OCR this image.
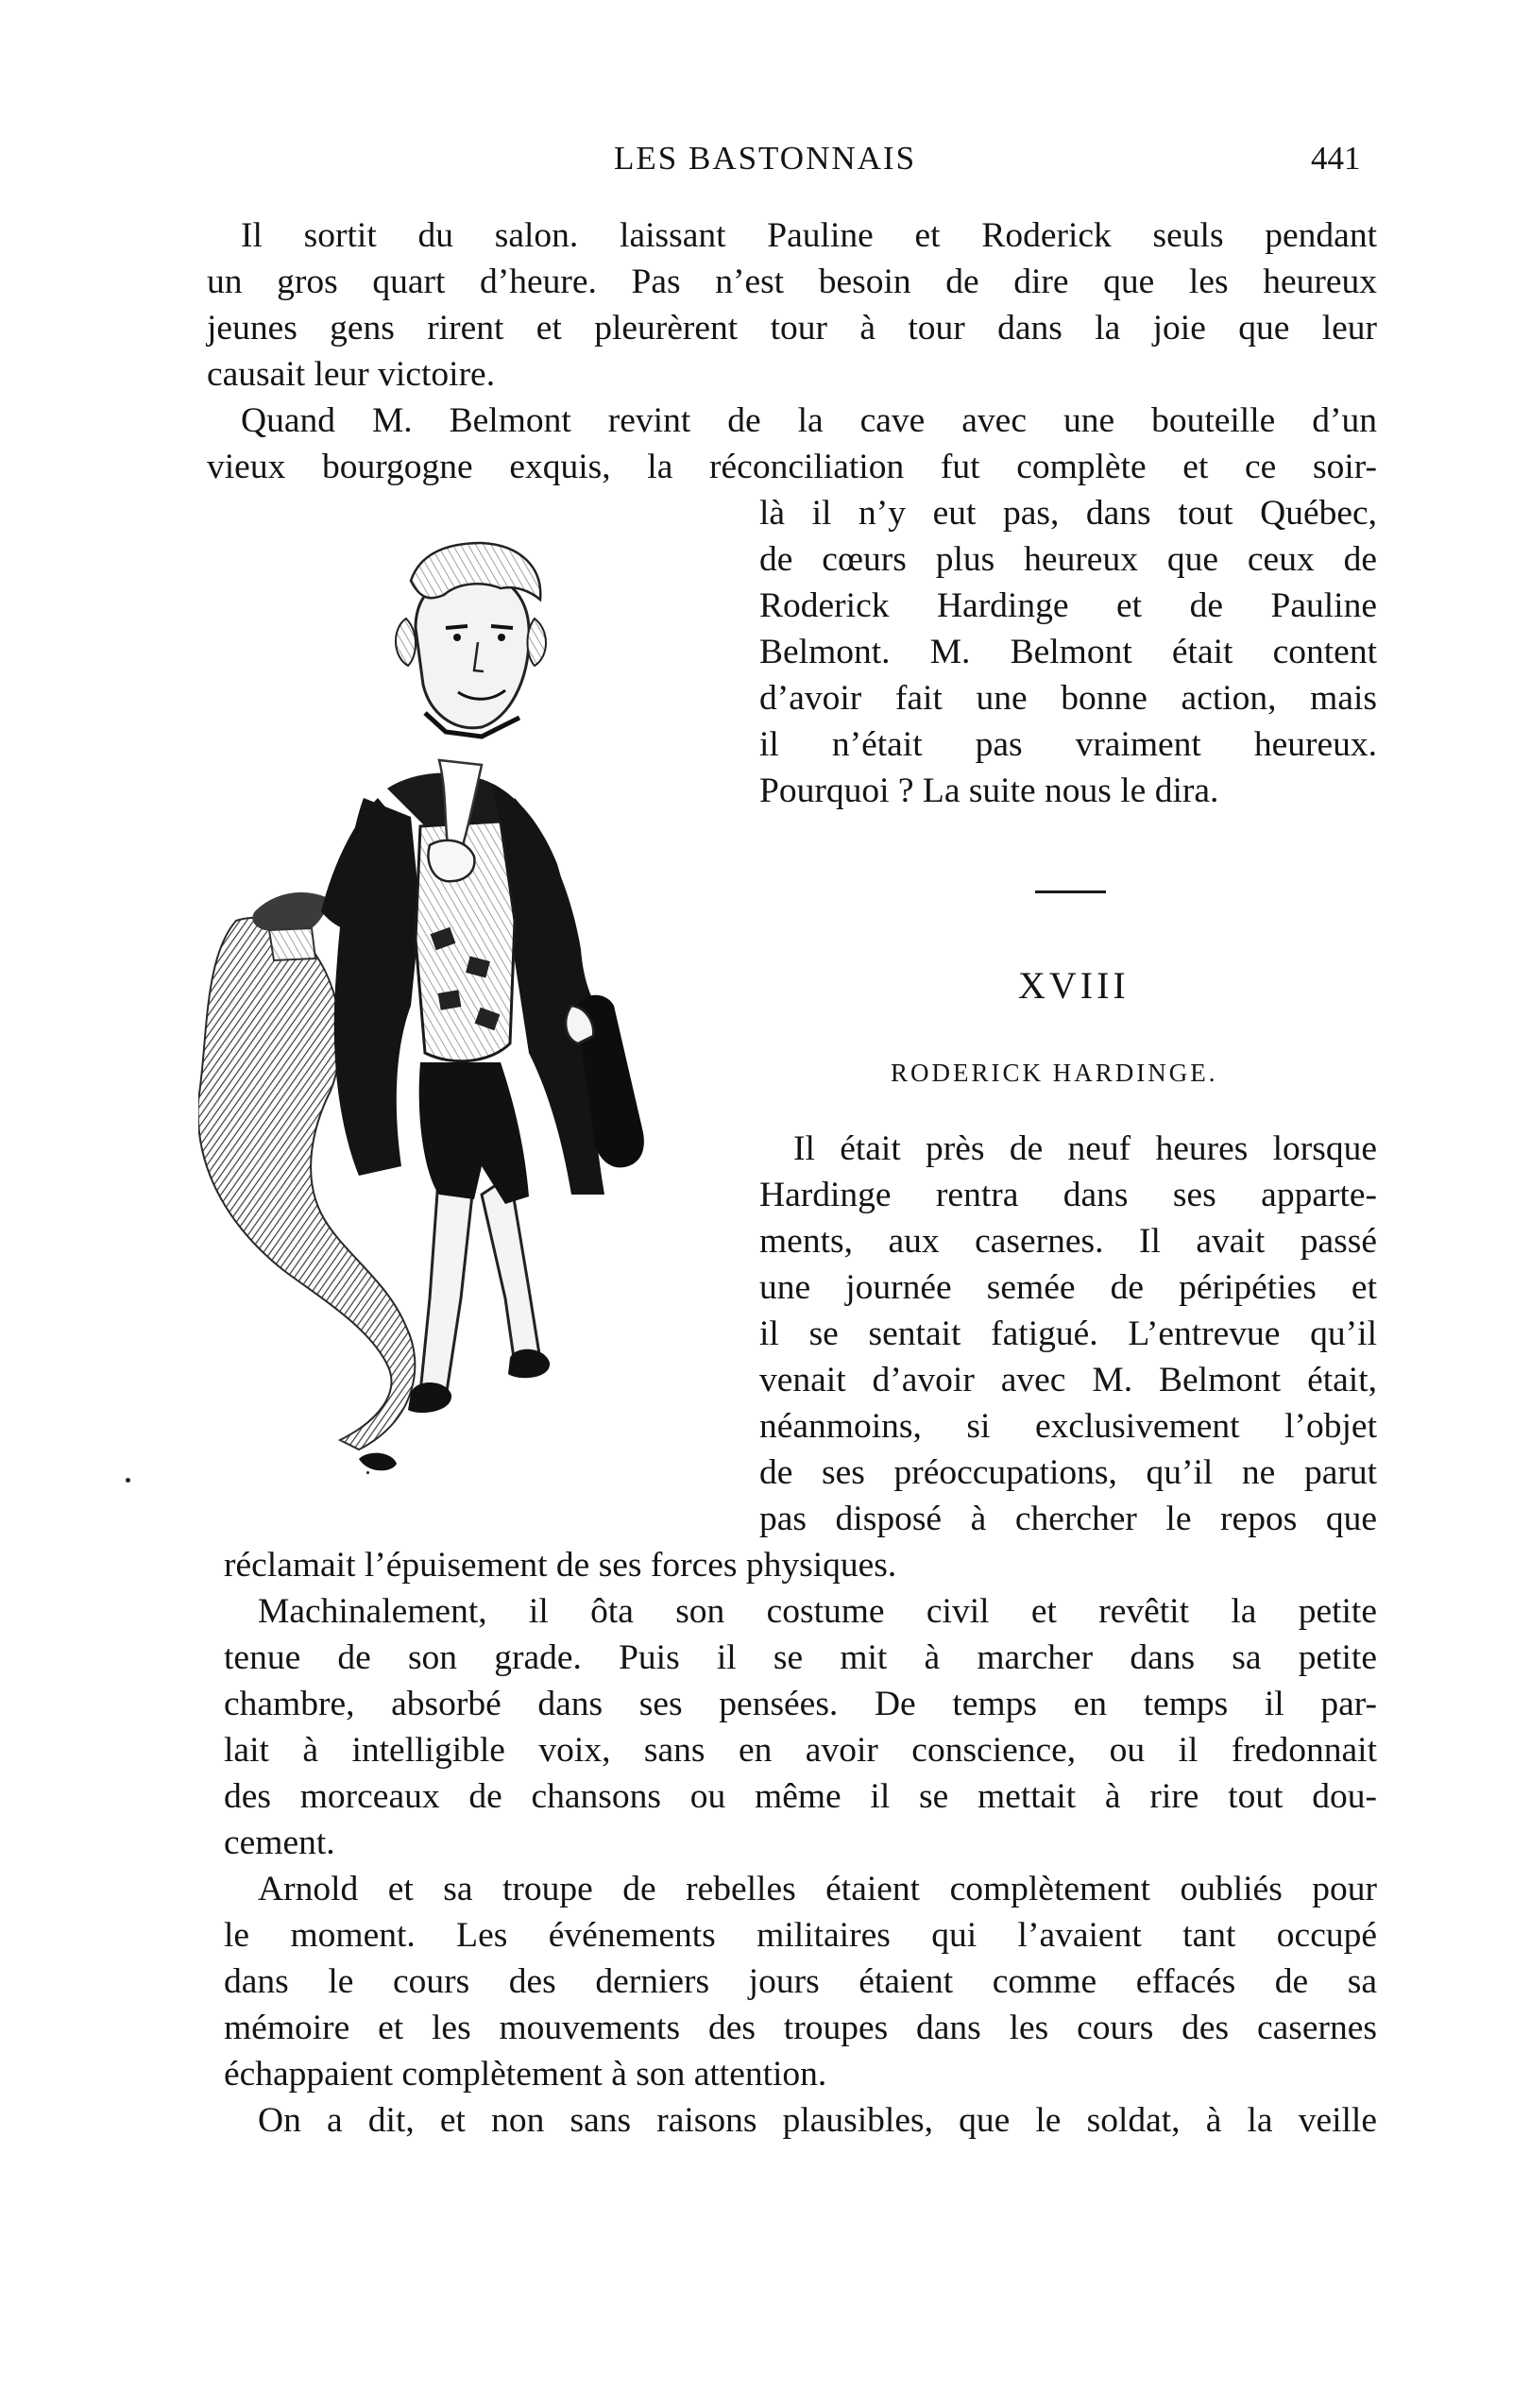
LES BASTONNAIS	441
Il sortit du salon. laissant Pauline et Roderick seuls pendant
un gros quart d’heure. Pas n’est besoin de dire que les heureux
jeunes gens rirent et pleurèrent tour à tour dans la joie que leur
causait leur victoire.
Quand M. Belmont revint de la cave avec une bouteille d’un
vieux bourgogne exquis, la réconciliation fut complète et ce soir-
là il n’y eut pas, dans tout Québec,
de cœurs plus heureux que ceux de
Roderick Hardinge et de Pauline
Belmont. M. Belmont était content
d’avoir fait une bonne action, mais
il n’était pas vraiment heureux.
Pourquoi ? La suite nous le dira.
XVIII
RODERICK HARDINGE.
Il était près de neuf heures lorsque
Hardinge rentra dans ses apparte-
ments, aux casernes. Il avait passé
une journée semée de péripéties et
il se sentait fatigué. L’entrevue qu’il
venait d’avoir avec M. Belmont était,
néanmoins, si exclusivement l’objet
de ses préoccupations, qu’il ne parut
pas disposé à chercher le repos que
réclamait l’épuisement de ses forces physiques.
Machinalement, il ôta son costume civil et revêtit la petite
tenue de son grade. Puis il se mit à marcher dans sa petite
chambre, absorbé dans ses pensées. De temps en temps il par-
lait à intelligible voix, sans en avoir conscience, ou il fredonnait
des morceaux de chansons ou même il se mettait à rire tout dou-
cement.
Arnold et sa troupe de rebelles étaient complètement oubliés pour
le moment. Les événements militaires qui l’avaient tant occupé
dans le cours des derniers jours étaient comme effacés de sa
mémoire et les mouvements des troupes dans les cours des casernes
échappaient complètement à son attention.
On a dit, et non sans raisons plausibles, que le soldat, à la veille
